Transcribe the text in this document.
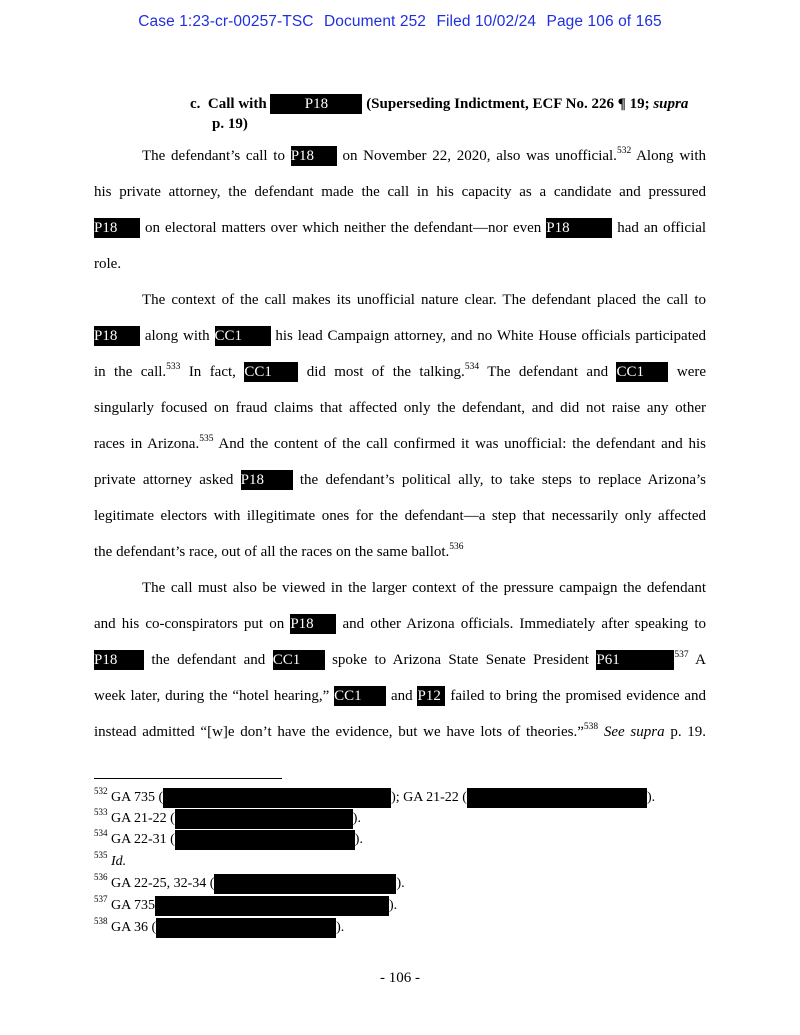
Case 1:23-cr-00257-TSC Document 252 Filed 10/02/24 Page 106 of 165
c. Call with	P18	(Superseding Indictment, ECF No. 226 ¶ 19; supra
p. 19)
The defendant’s call to P18 on November 22, 2020, also was unofficial.$^{532}$ Along with
his private attorney, the defendant made the call in his capacity as a candidate and pressured
P18 on electoral matters over which neither the defendant—nor even P18	had an official
role.
The context of the call makes its unofficial nature clear. The defendant placed the call to
P18 along with CC1 his lead Campaign attorney, and no White House officials participated
in the call.$^{533}$ In fact, CC1 did most of the talking.$^{534}$ The defendant and CC1 were
singularly focused on fraud claims that affected only the defendant, and did not raise any other
races in Arizona.$^{535}$ And the content of the call confirmed it was unofficial: the defendant and his
private attorney asked P18 the defendant’s political ally, to take steps to replace Arizona’s
legitimate electors with illegitimate ones for the defendant—a step that necessarily only affected
the defendant’s race, out of all the races on the same ballot.$^{536}$
The call must also be viewed in the larger context of the pressure campaign the defendant
and his co-conspirators put on P18 and other Arizona officials. Immediately after speaking to
P18 the defendant and CC1 spoke to Arizona State Senate President P61	$^{537}$ A
week later, during the “hotel hearing,” CC1 and P12 failed to bring the promised evidence and
instead admitted “[w]e don’t have the evidence, but we have lots of theories.”$^{538}$ See supra p. 19.
$^{532}$ GA 735 (	); GA 21-22 (	).
$^{533}$ GA 21-22 (	).
$^{534}$ GA 22-31 (	).
$^{535}$ Id.
$^{536}$ GA 22-25, 32-34 (	).
$^{537}$ GA 735	).
$^{538}$ GA 36 (	).
- 106 -
